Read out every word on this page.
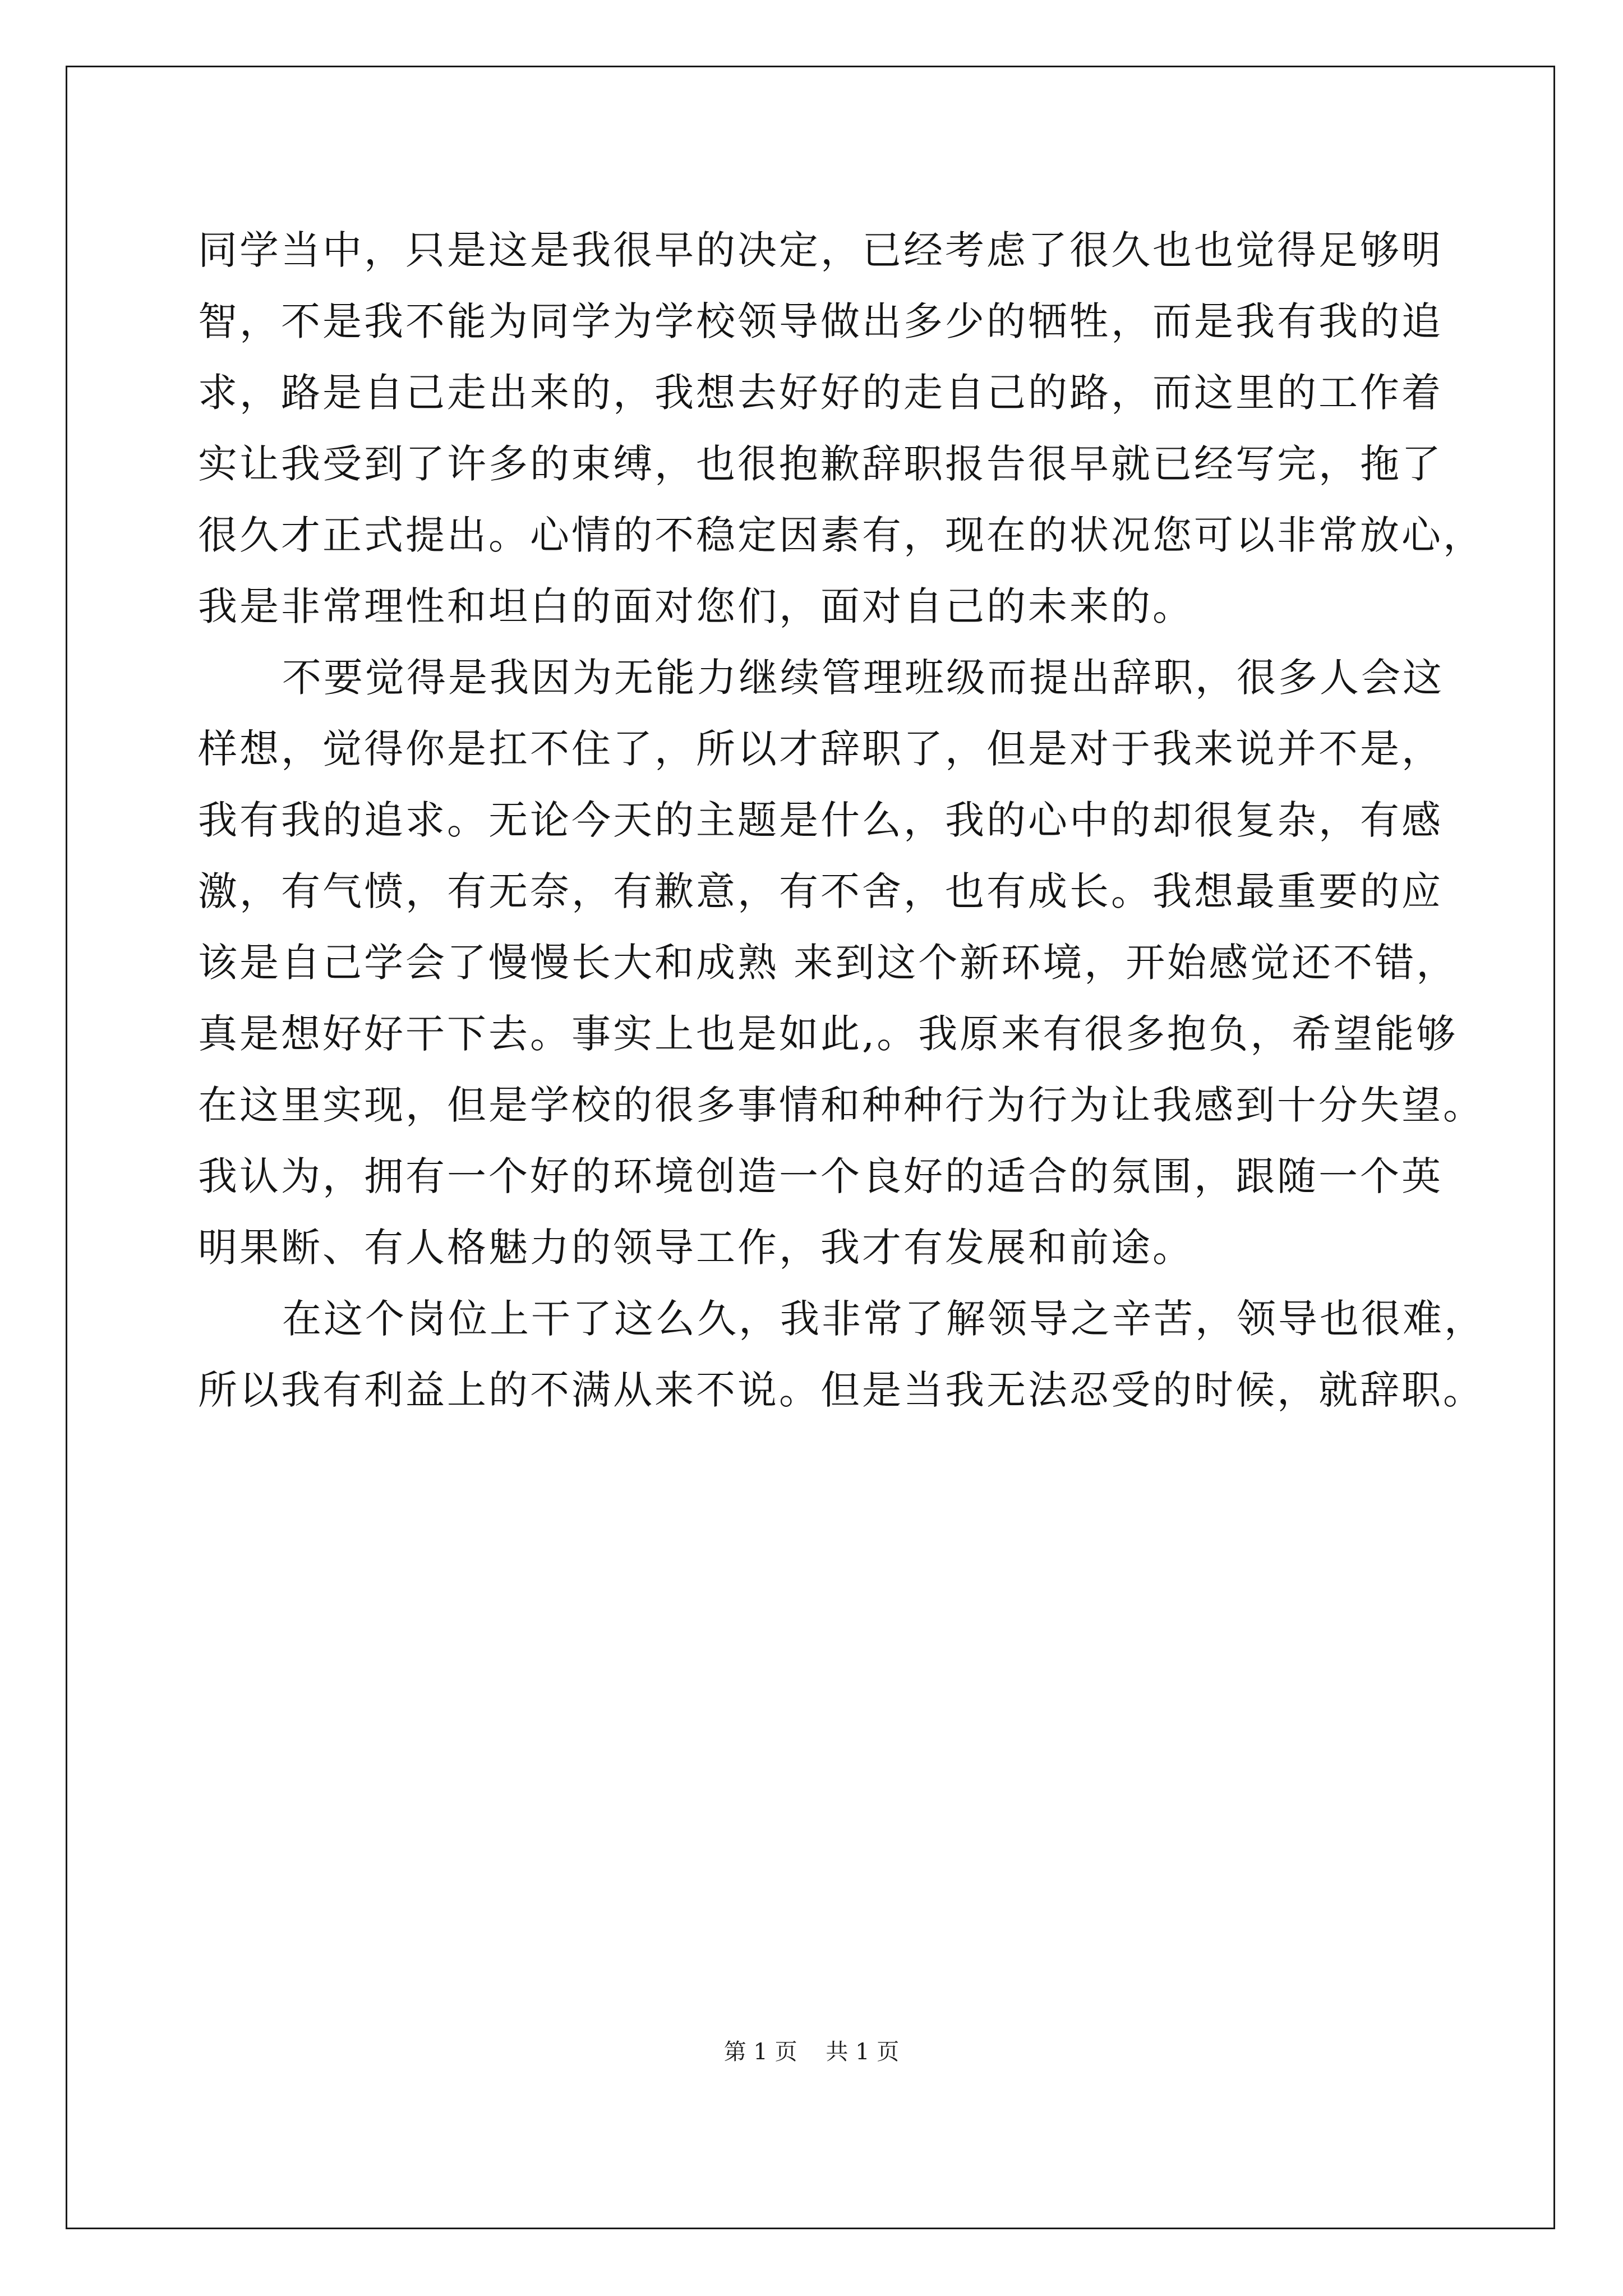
同学当中，只是这是我很早的决定，已经考虑了很久也也觉得足够明
智，不是我不能为同学为学校领导做出多少的牺牲，而是我有我的追
求，路是自己走出来的，我想去好好的走自己的路，而这里的工作着
实让我受到了许多的束缚，也很抱歉辞职报告很早就已经写完，拖了
很久才正式提出。心情的不稳定因素有，现在的状况您可以非常放心，
我是非常理性和坦白的面对您们，面对自己的未来的。
不要觉得是我因为无能力继续管理班级而提出辞职，很多人会这
样想，觉得你是扛不住了，所以才辞职了，但是对于我来说并不是，
我有我的追求。无论今天的主题是什么，我的心中的却很复杂，有感
激，有气愤，有无奈，有歉意，有不舍，也有成长。我想最重要的应
该是自己学会了慢慢长大和成熟 来到这个新环境，开始感觉还不错，
真是想好好干下去。事实上也是如此,。我原来有很多抱负，希望能够
在这里实现，但是学校的很多事情和种种行为行为让我感到十分失望。
我认为，拥有一个好的环境创造一个良好的适合的氛围，跟随一个英
明果断、有人格魅力的领导工作，我才有发展和前途。
在这个岗位上干了这么久，我非常了解领导之辛苦，领导也很难，
所以我有利益上的不满从来不说。但是当我无法忍受的时候，就辞职。
第 1 页    共 1 页
